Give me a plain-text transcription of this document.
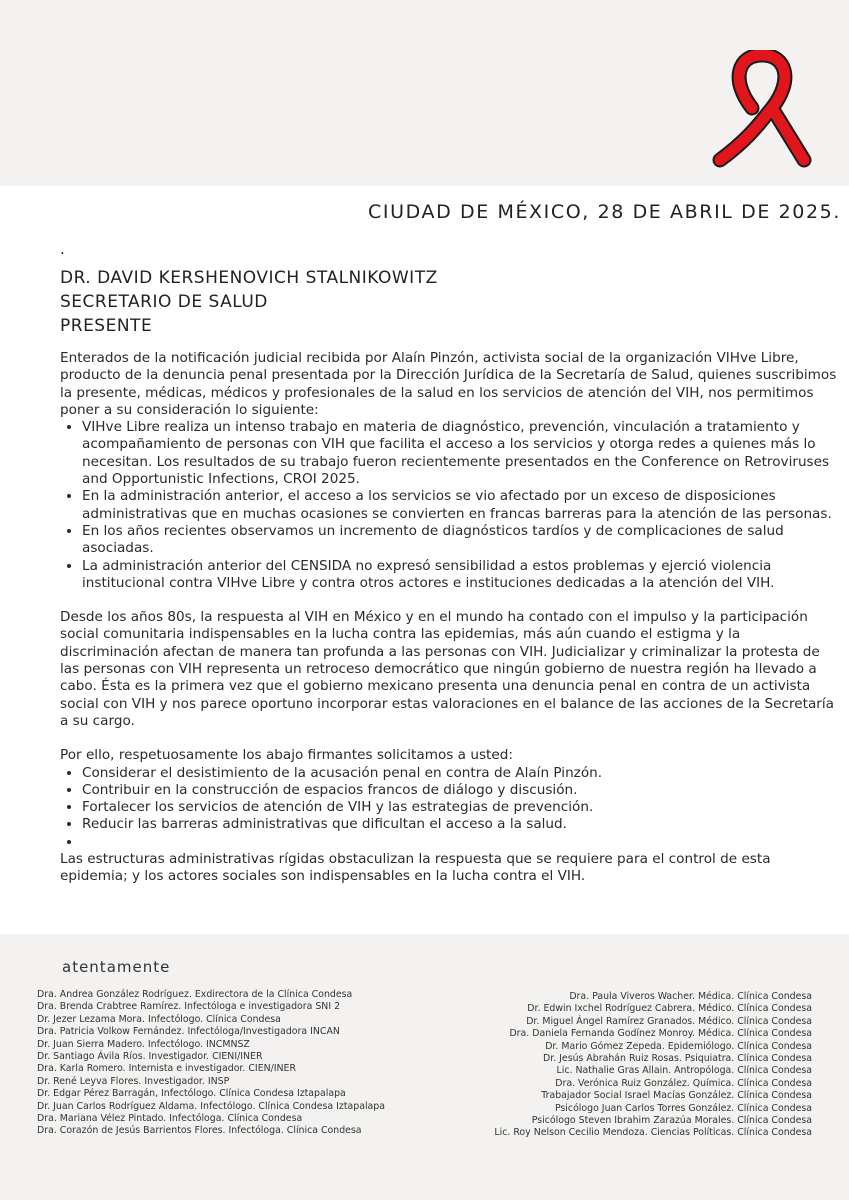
CIUDAD DE MÉXICO, 28 DE ABRIL DE 2025.
.
DR. DAVID KERSHENOVICH STALNIKOWITZ
SECRETARIO DE SALUD
PRESENTE

Enterados de la notificación judicial recibida por Alaín Pinzón, activista social de la organización VIHve Libre, producto de la denuncia penal presentada por la Dirección Jurídica de la Secretaría de Salud, quienes suscribimos la presente, médicas, médicos y profesionales de la salud en los servicios de atención del VIH, nos permitimos poner a su consideración lo siguiente:

• VIHve Libre realiza un intenso trabajo en materia de diagnóstico, prevención, vinculación a tratamiento y acompañamiento de personas con VIH que facilita el acceso a los servicios y otorga redes a quienes más lo necesitan. Los resultados de su trabajo fueron recientemente presentados en the Conference on Retroviruses and Opportunistic Infections, CROI 2025.
• En la administración anterior, el acceso a los servicios se vio afectado por un exceso de disposiciones administrativas que en muchas ocasiones se convierten en francas barreras para la atención de las personas.
• En los años recientes observamos un incremento de diagnósticos tardíos y de complicaciones de salud asociadas.
• La administración anterior del CENSIDA no expresó sensibilidad a estos problemas y ejerció violencia institucional contra VIHve Libre y contra otros actores e instituciones dedicadas a la atención del VIH.

Desde los años 80s, la respuesta al VIH en México y en el mundo ha contado con el impulso y la participación social comunitaria indispensables en la lucha contra las epidemias, más aún cuando el estigma y la discriminación afectan de manera tan profunda a las personas con VIH. Judicializar y criminalizar la protesta de las personas con VIH representa un retroceso democrático que ningún gobierno de nuestra región ha llevado a cabo. Ésta es la primera vez que el gobierno mexicano presenta una denuncia penal en contra de un activista social con VIH y nos parece oportuno incorporar estas valoraciones en el balance de las acciones de la Secretaría a su cargo.

Por ello, respetuosamente los abajo firmantes solicitamos a usted:

• Considerar el desistimiento de la acusación penal en contra de Alaín Pinzón.
• Contribuir en la construcción de espacios francos de diálogo y discusión.
• Fortalecer los servicios de atención de VIH y las estrategias de prevención.
• Reducir las barreras administrativas que dificultan el acceso a la salud.
•

Las estructuras administrativas rígidas obstaculizan la respuesta que se requiere para el control de esta epidemia; y los actores sociales son indispensables en la lucha contra el VIH.

atentamente
Dra. Andrea González Rodríguez. Exdirectora de la Clínica Condesa
Dra. Brenda Crabtree Ramírez. Infectóloga e investigadora SNI 2
Dr. Jezer Lezama Mora. Infectólogo. Clínica Condesa
Dra. Patricia Volkow Fernández. Infectóloga/Investigadora INCAN
Dr. Juan Sierra Madero. Infectólogo. INCMNSZ
Dr. Santiago Ávila Ríos. Investigador. CIENI/INER
Dra. Karla Romero. Internista e investigador. CIEN/INER
Dr. René Leyva Flores. Investigador. INSP
Dr. Edgar Pérez Barragán, Infectólogo. Clínica Condesa Iztapalapa
Dr. Juan Carlos Rodríguez Aldama. Infectólogo. Clínica Condesa Iztapalapa
Dra. Mariana Vélez Pintado. Infectóloga. Clínica Condesa
Dra. Corazón de Jesús Barrientos Flores. Infectóloga. Clínica Condesa
Dra. Paula Viveros Wacher. Médica. Clínica Condesa
Dr. Edwin Ixchel Rodríguez Cabrera. Médico. Clínica Condesa
Dr. Miguel Ángel Ramírez Granados. Médico. Clínica Condesa
Dra. Daniela Fernanda Godínez Monroy. Médica. Clínica Condesa
Dr. Mario Gómez Zepeda. Epidemiólogo. Clínica Condesa
Dr. Jesús Abrahán Ruiz Rosas. Psiquiatra. Clínica Condesa
Lic. Nathalie Gras Allain. Antropóloga. Clínica Condesa
Dra. Verónica Ruiz González. Química. Clínica Condesa
Trabajador Social Israel Macías González. Clínica Condesa
Psicólogo Juan Carlos Torres González. Clínica Condesa
Psicólogo Steven Ibrahim Zarazúa Morales. Clínica Condesa
Lic. Roy Nelson Cecilio Mendoza. Ciencias Políticas. Clínica Condesa
